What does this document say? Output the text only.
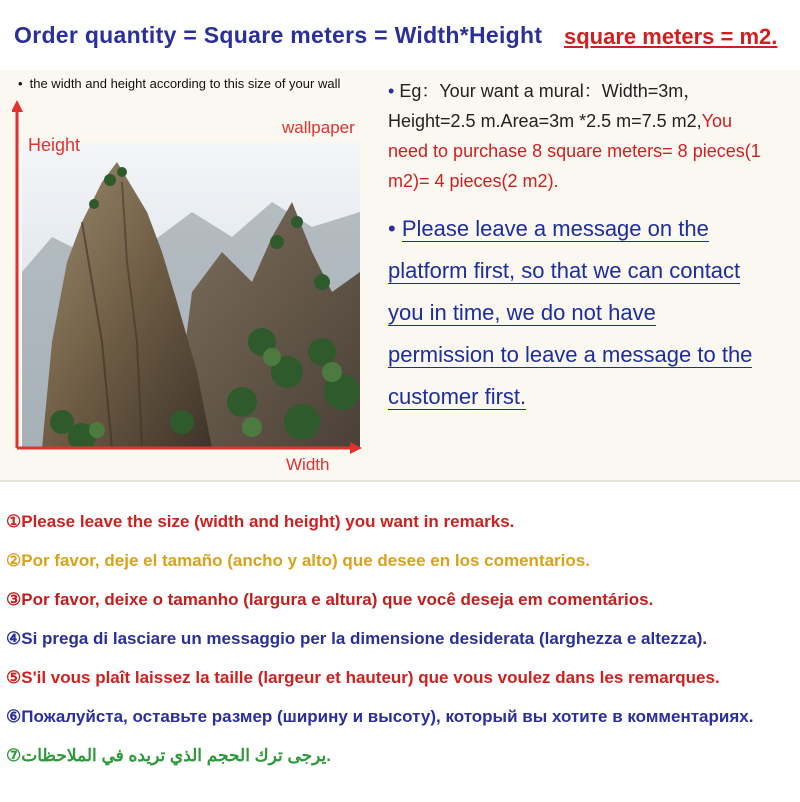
Order quantity = Square meters = Width*Height square meters = m2.
• the width and height according to this size of your wall
Height
wallpaper
Width
• Eg：Your want a mural：Width=3m，
Height=2.5 m.Area=3m *2.5 m=7.5 m2,You
need to purchase 8 square meters= 8 pieces(1
m2)= 4 pieces(2 m2).
• Please leave a message on the
platform first, so that we can contact
you in time, we do not have
permission to leave a message to the
customer first.
①Please leave the size (width and height) you want in remarks.
②Por favor, deje el tamaño (ancho y alto) que desee en los comentarios.
③Por favor, deixe o tamanho (largura e altura) que você deseja em comentários.
④Si prega di lasciare un messaggio per la dimensione desiderata (larghezza e altezza).
⑤S'il vous plaît laissez la taille (largeur et hauteur) que vous voulez dans les remarques.
⑥Пожалуйста, оставьте размер (ширину и высоту), который вы хотите в комментариях.
⑦يرجى ترك الحجم الذي تريده في الملاحظات.
